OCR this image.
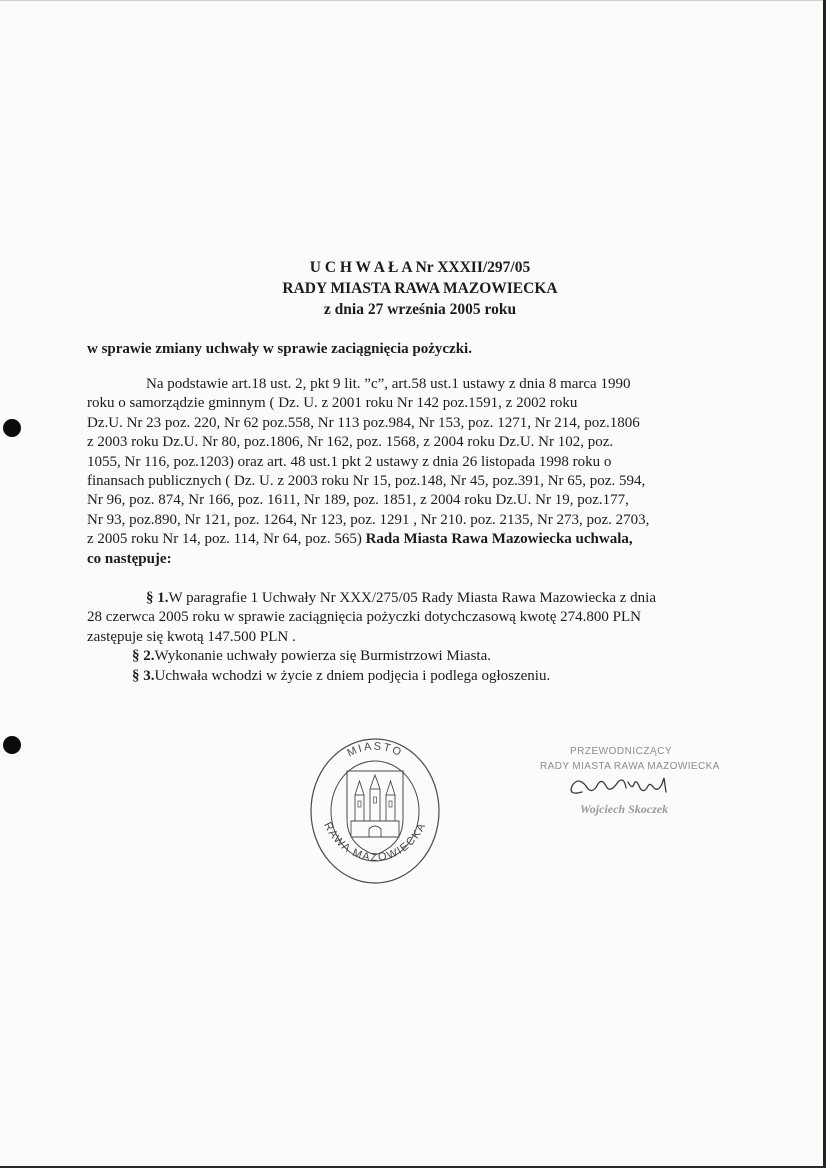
U C H W A Ł A Nr XXXII/297/05
RADY MIASTA RAWA MAZOWIECKA
z dnia 27 września 2005 roku
w sprawie zmiany uchwały w sprawie zaciągnięcia pożyczki.
Na podstawie art.18 ust. 2, pkt 9 lit. ”c”, art.58 ust.1 ustawy z dnia 8 marca 1990
roku o samorządzie gminnym ( Dz. U. z 2001 roku Nr 142 poz.1591, z 2002 roku
Dz.U. Nr 23 poz. 220, Nr 62 poz.558, Nr 113 poz.984, Nr 153, poz. 1271, Nr 214, poz.1806
z 2003 roku Dz.U. Nr 80, poz.1806, Nr 162, poz. 1568, z 2004 roku Dz.U. Nr 102, poz.
1055, Nr 116, poz.1203) oraz art. 48 ust.1 pkt 2 ustawy z dnia 26 listopada 1998 roku o
finansach publicznych ( Dz. U. z 2003 roku Nr 15, poz.148, Nr 45, poz.391, Nr 65, poz. 594,
Nr 96, poz. 874, Nr 166, poz. 1611, Nr 189, poz. 1851, z 2004 roku Dz.U. Nr 19, poz.177,
Nr 93, poz.890, Nr 121, poz. 1264, Nr 123, poz. 1291 , Nr 210. poz. 2135, Nr 273, poz. 2703,
z 2005 roku Nr 14, poz. 114, Nr 64, poz. 565) Rada Miasta Rawa Mazowiecka uchwala,
co następuje:
§ 1.W paragrafie 1 Uchwały Nr XXX/275/05 Rady Miasta Rawa Mazowiecka z dnia
28 czerwca 2005 roku w sprawie zaciągnięcia pożyczki dotychczasową kwotę 274.800 PLN
zastępuje się kwotą 147.500 PLN .
§ 2.Wykonanie uchwały powierza się Burmistrzowi Miasta.
§ 3.Uchwała wchodzi w życie z dniem podjęcia i podlega ogłoszeniu.
MIASTO
RAWA MAZOWIECKA
PRZEWODNICZĄCY
RADY MIASTA RAWA MAZOWIECKA
Wojciech Skoczek
